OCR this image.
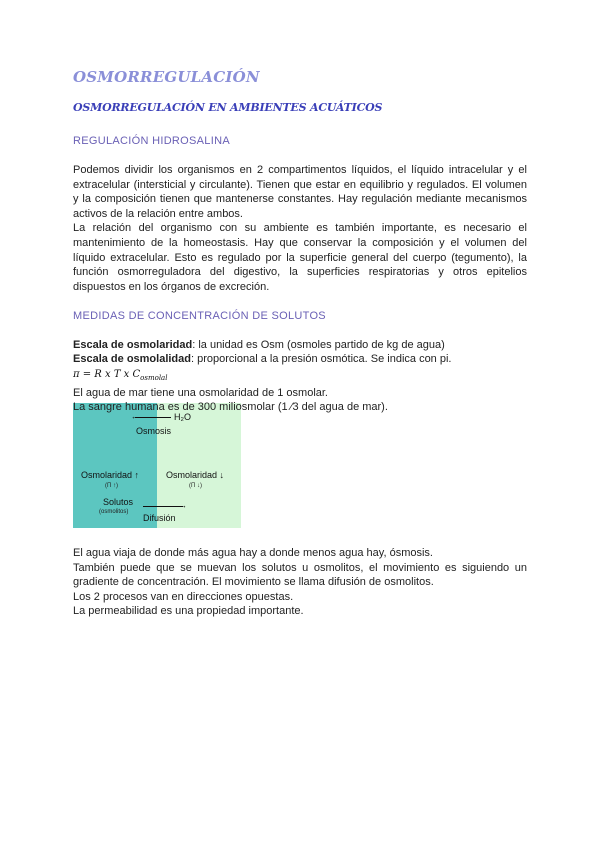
OSMORREGULACIÓN
OSMORREGULACIÓN EN AMBIENTES ACUÁTICOS
REGULACIÓN HIDROSALINA

Podemos dividir los organismos en 2 compartimentos líquidos, el líquido intracelular y el extracelular (intersticial y circulante). Tienen que estar en equilibrio y regulados. El volumen y la composición tienen que mantenerse constantes. Hay regulación mediante mecanismos activos de la relación entre ambos.

La relación del organismo con su ambiente es también importante, es necesario el mantenimiento de la homeostasis. Hay que conservar la composición y el volumen del líquido extracelular. Esto es regulado por la superficie general del cuerpo (tegumento), la función osmorreguladora del digestivo, la superficies respiratorias y otros epitelios dispuestos en los órganos de excreción.

MEDIDAS DE CONCENTRACIÓN DE SOLUTOS
Escala de osmolaridad: la unidad es Osm (osmoles partido de kg de agua)
Escala de osmolalidad: proporcional a la presión osmótica. Se indica con pi.
π = R x T x $C_{osmolal}$
El agua de mar tiene una osmolaridad de 1 osmolar.
←	H₂O
Osmosis
Osmolaridad ↑
(Π ↑)
Osmolaridad ↓
(Π ↓)
Solutos
(osmolitos)
→
Difusión
La sangre humana es de 300 miliosmolar (1 ⁄3 del agua de mar).

El agua viaja de donde más agua hay a donde menos agua hay, ósmosis.

También puede que se muevan los solutos u osmolitos, el movimiento es siguiendo un gradiente de concentración. El movimiento se llama difusión de osmolitos.

Los 2 procesos van en direcciones opuestas.

La permeabilidad es una propiedad importante.
